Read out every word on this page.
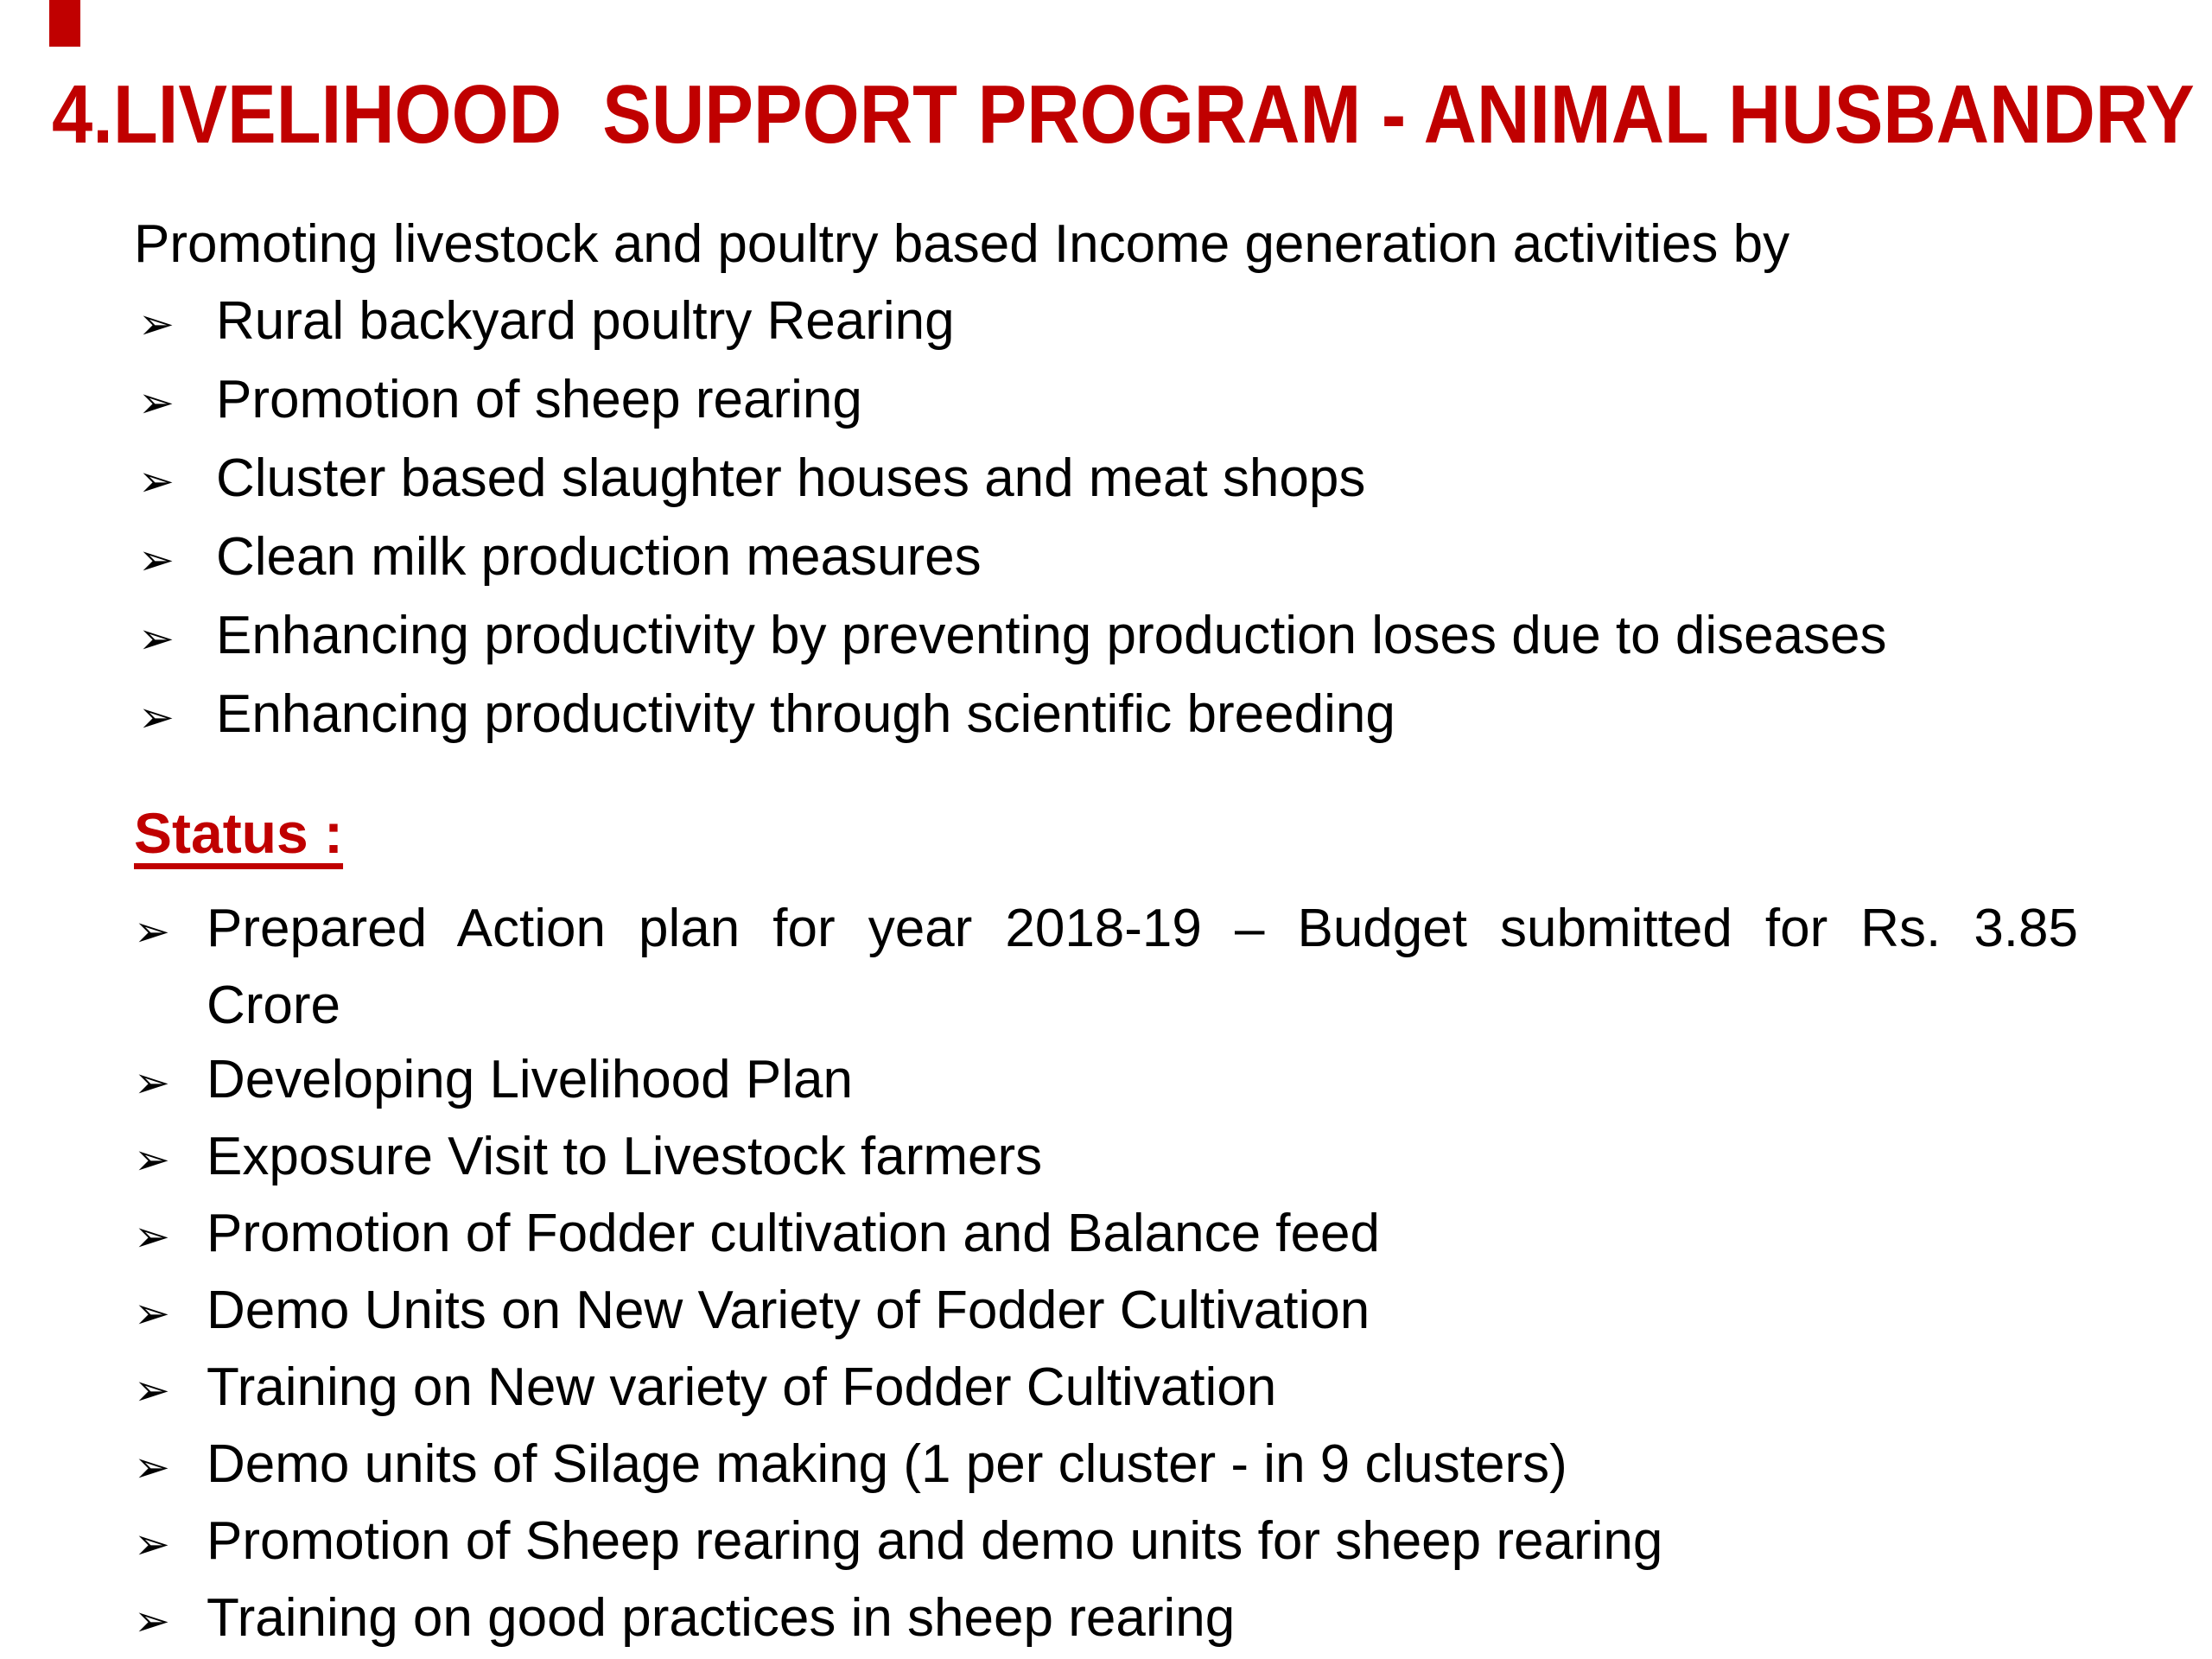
4.LIVELIHOOD  SUPPORT PROGRAM - ANIMAL HUSBANDRY

Promoting livestock and poultry based Income generation activities by

➢ Rural backyard poultry Rearing
➢ Promotion of sheep rearing
➢ Cluster based slaughter houses and meat shops
➢ Clean milk production measures
➢ Enhancing productivity by preventing production loses due to diseases
➢ Enhancing productivity through scientific breeding

Status :

➢ Prepared Action plan for year 2018-19 – Budget submitted for Rs. 3.85
Crore
➢ Developing Livelihood Plan
➢ Exposure Visit to Livestock farmers
➢ Promotion of Fodder cultivation and Balance feed
➢ Demo Units on New Variety of Fodder Cultivation
➢ Training on New variety of Fodder Cultivation
➢ Demo units of Silage making (1 per cluster - in 9 clusters)
➢ Promotion of Sheep rearing and demo units for sheep rearing
➢ Training on good practices in sheep rearing
